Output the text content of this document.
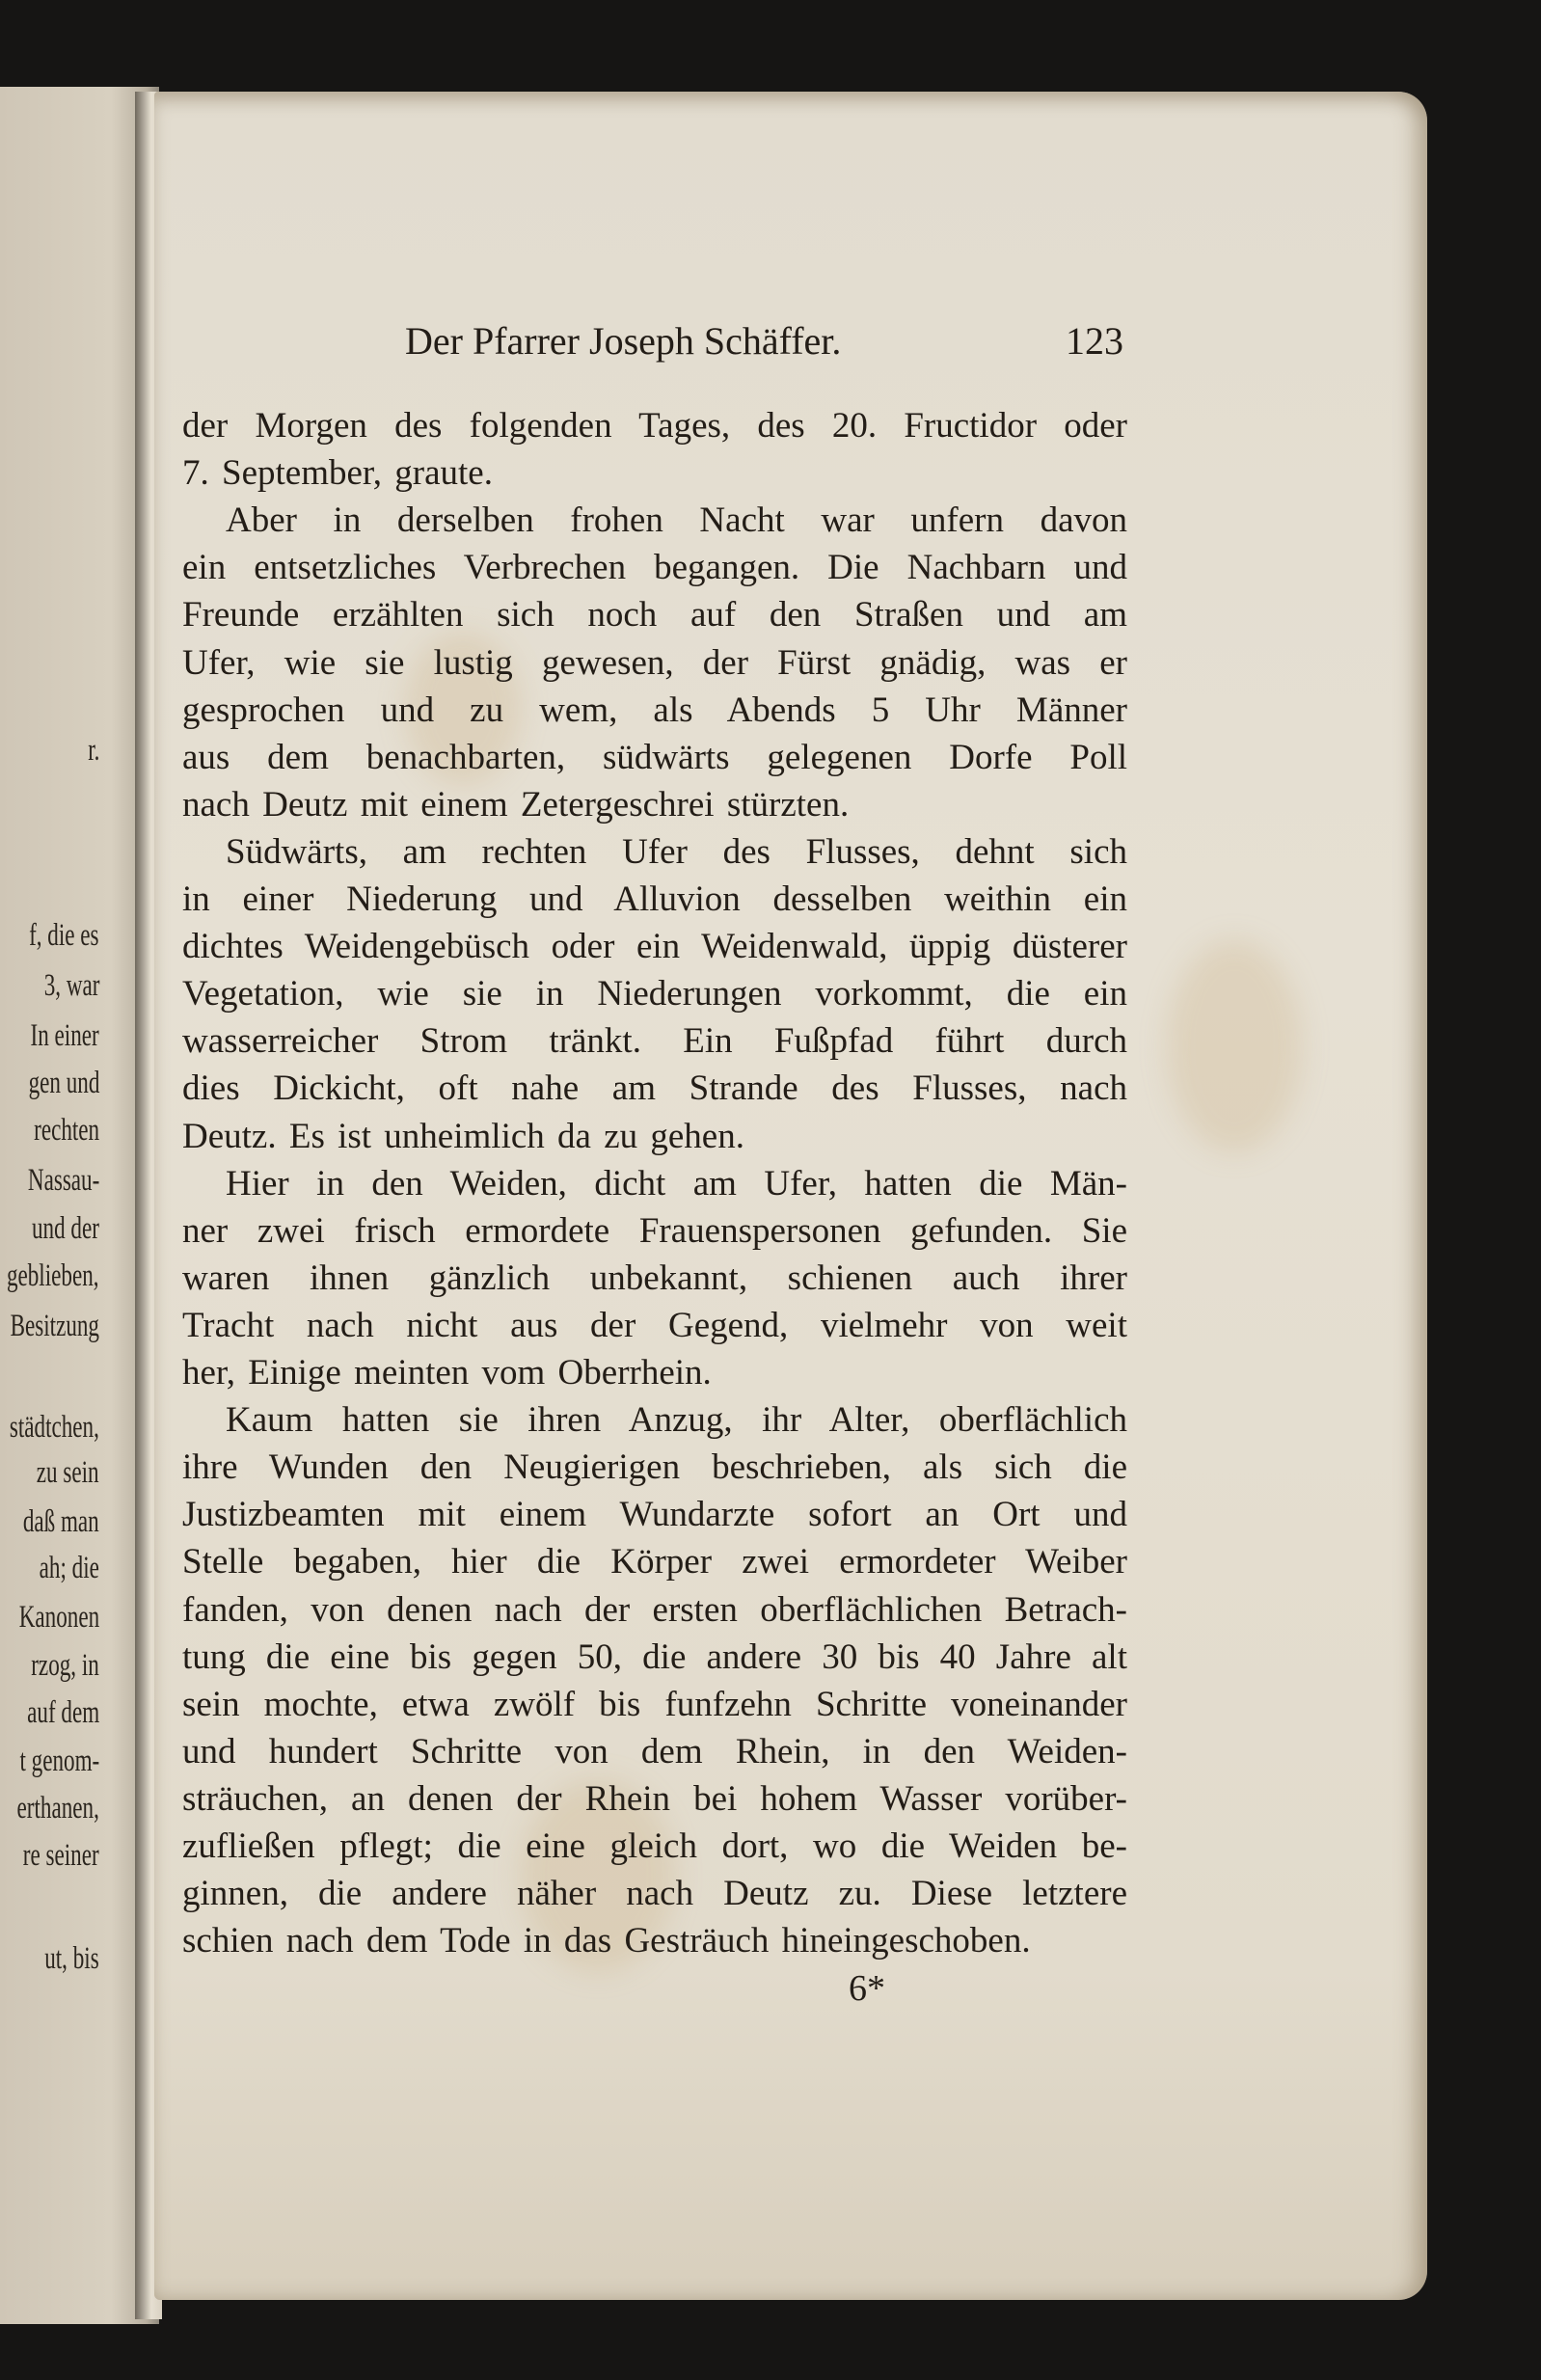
Der Pfarrer Joseph Schäffer.	123
der Morgen des folgenden Tages, des 20. Fructidor oder
7. September, graute.
Aber in derselben frohen Nacht war unfern davon
ein entsetzliches Verbrechen begangen. Die Nachbarn und
Freunde erzählten sich noch auf den Straßen und am
Ufer, wie sie lustig gewesen, der Fürst gnädig, was er
gesprochen und zu wem, als Abends 5 Uhr Männer
aus dem benachbarten, südwärts gelegenen Dorfe Poll
nach Deutz mit einem Zetergeschrei stürzten.
Südwärts, am rechten Ufer des Flusses, dehnt sich
in einer Niederung und Alluvion desselben weithin ein
dichtes Weidengebüsch oder ein Weidenwald, üppig düsterer
Vegetation, wie sie in Niederungen vorkommt, die ein
wasserreicher Strom tränkt. Ein Fußpfad führt durch
dies Dickicht, oft nahe am Strande des Flusses, nach
Deutz. Es ist unheimlich da zu gehen.
Hier in den Weiden, dicht am Ufer, hatten die Män-
ner zwei frisch ermordete Frauenspersonen gefunden. Sie
waren ihnen gänzlich unbekannt, schienen auch ihrer
Tracht nach nicht aus der Gegend, vielmehr von weit
her, Einige meinten vom Oberrhein.
Kaum hatten sie ihren Anzug, ihr Alter, oberflächlich
ihre Wunden den Neugierigen beschrieben, als sich die
Justizbeamten mit einem Wundarzte sofort an Ort und
Stelle begaben, hier die Körper zwei ermordeter Weiber
fanden, von denen nach der ersten oberflächlichen Betrach-
tung die eine bis gegen 50, die andere 30 bis 40 Jahre alt
sein mochte, etwa zwölf bis funfzehn Schritte voneinander
und hundert Schritte von dem Rhein, in den Weiden-
sträuchen, an denen der Rhein bei hohem Wasser vorüber-
zufließen pflegt; die eine gleich dort, wo die Weiden be-
ginnen, die andere näher nach Deutz zu. Diese letztere
schien nach dem Tode in das Gesträuch hineingeschoben.
6*
r.
f, die es
3, war
In einer
gen und
rechten
Nassau-
und der
geblieben,
Besitzung
städtchen,
zu sein
daß man
ah; die
Kanonen
rzog, in
auf dem
t genom-
erthanen,
re seiner
ut, bis
